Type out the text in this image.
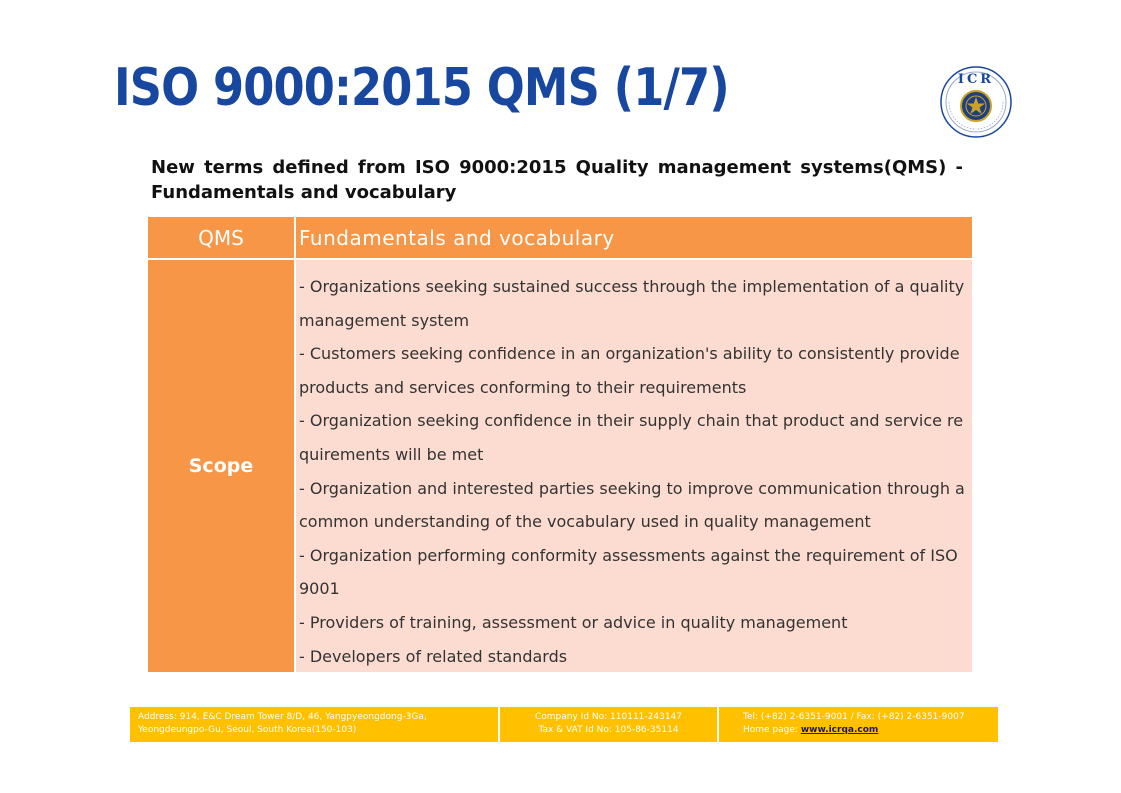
ISO 9000:2015 QMS (1/7)	ICR
New terms defined from ISO 9000:2015 Quality management systems(QMS) - Fundamentals and vocabulary
QMS	Fundamentals and vocabulary
Scope

- Organizations seeking sustained success through the implementation of a quality management system

- Customers seeking confidence in an organization's ability to consistently provide products and services conforming to their requirements

- Organization seeking confidence in their supply chain that product and service requirements will be met

- Organization and interested parties seeking to improve communication through a common understanding of the vocabulary used in quality management

- Organization performing conformity assessments against the requirement of ISO 9001

- Providers of training, assessment or advice in quality management

- Developers of related standards

Address: 914, E&C Dream Tower 8/D, 46, Yangpyeongdong-3Ga,
Yeongdeungpo-Gu, Seoul, South Korea(150-103)
Company Id No: 110111-243147
Tax & VAT Id No: 105-86-35114
Tel: (+82) 2-6351-9001 / Fax: (+82) 2-6351-9007
Home page: www.icrqa.com
